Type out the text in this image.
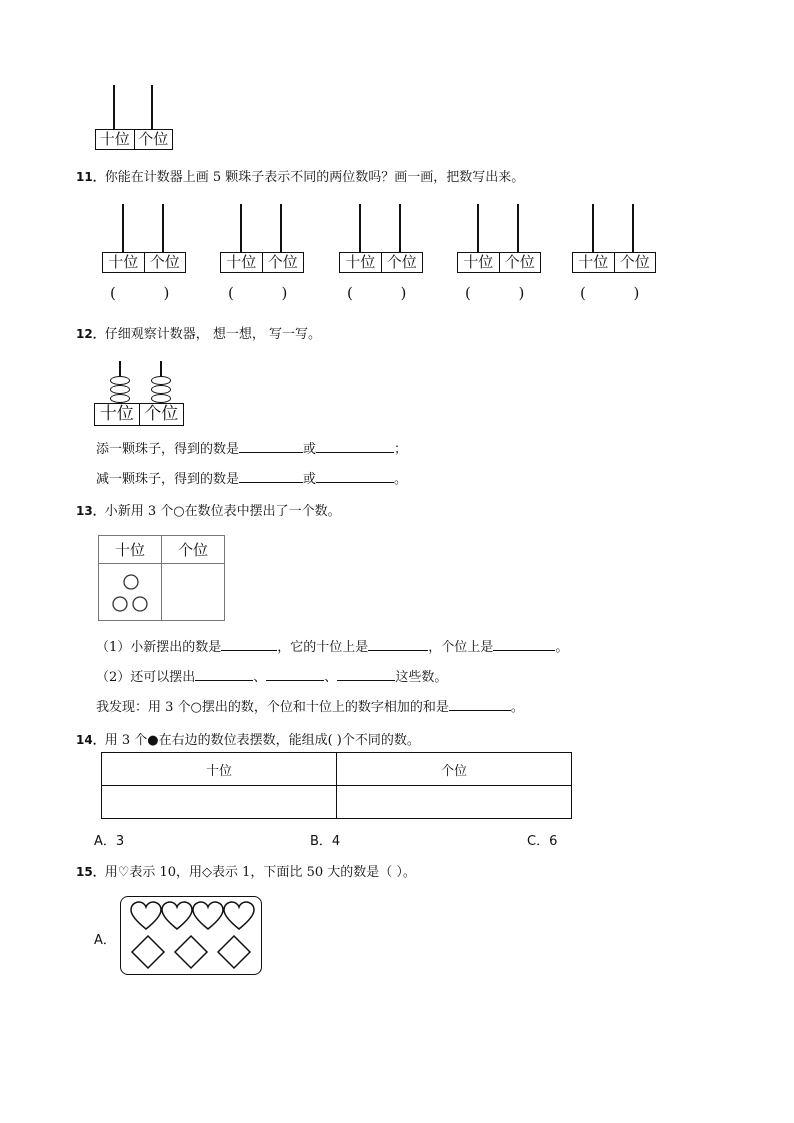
十位 个位
11．你能在计数器上画 5 颗珠子表示不同的两位数吗？画一画，把数写出来。
十位 个位
(          )
十位 个位
(          )
十位 个位
(          )
十位 个位
(          )
十位 个位
(          )
12．仔细观察计数器， 想一想， 写一写。
十位 个位
添一颗珠子，得到的数是	或	；
减一颗珠子，得到的数是	或	。
13．小新用 3 个○在数位表中摆出了一个数。
十位	个位

（1）小新摆出的数是	，它的十位上是	，个位上是	。
（2）还可以摆出	、	、	这些数。
我发现：用 3 个○摆出的数，个位和十位上的数字相加的和是	。
14．用 3 个●在右边的数位表摆数，能组成( )个不同的数。
十位	个位

A．3	B．4	C．6
15．用♡表示 10，用◇表示 1，下面比 50 大的数是（ ）。
A．
